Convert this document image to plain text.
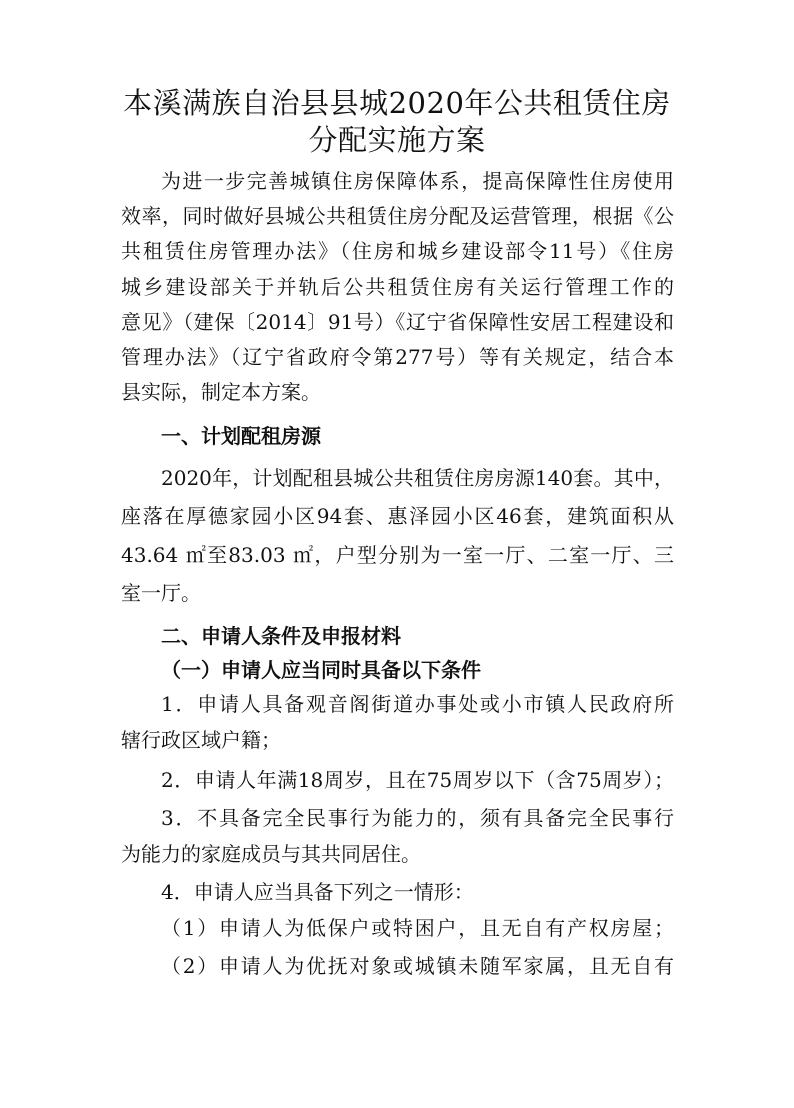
本溪满族自治县县城2020年公共租赁住房
分配实施方案
为进一步完善城镇住房保障体系，提高保障性住房使用
效率，同时做好县城公共租赁住房分配及运营管理，根据《公
共租赁住房管理办法》（住房和城乡建设部令11号）《住房
城乡建设部关于并轨后公共租赁住房有关运行管理工作的
意见》（建保〔2014〕91号）《辽宁省保障性安居工程建设和
管理办法》（辽宁省政府令第277号）等有关规定，结合本
县实际，制定本方案。
一、计划配租房源
2020年，计划配租县城公共租赁住房房源140套。其中，
座落在厚德家园小区94套、惠泽园小区46套，建筑面积从
43.64 ㎡至83.03 ㎡，户型分别为一室一厅、二室一厅、三
室一厅。
二、申请人条件及申报材料
（一）申请人应当同时具备以下条件
1．申请人具备观音阁街道办事处或小市镇人民政府所
辖行政区域户籍；
2．申请人年满18周岁，且在75周岁以下（含75周岁）；
3．不具备完全民事行为能力的，须有具备完全民事行
为能力的家庭成员与其共同居住。
4．申请人应当具备下列之一情形：
（1）申请人为低保户或特困户，且无自有产权房屋；
（2）申请人为优抚对象或城镇未随军家属，且无自有
